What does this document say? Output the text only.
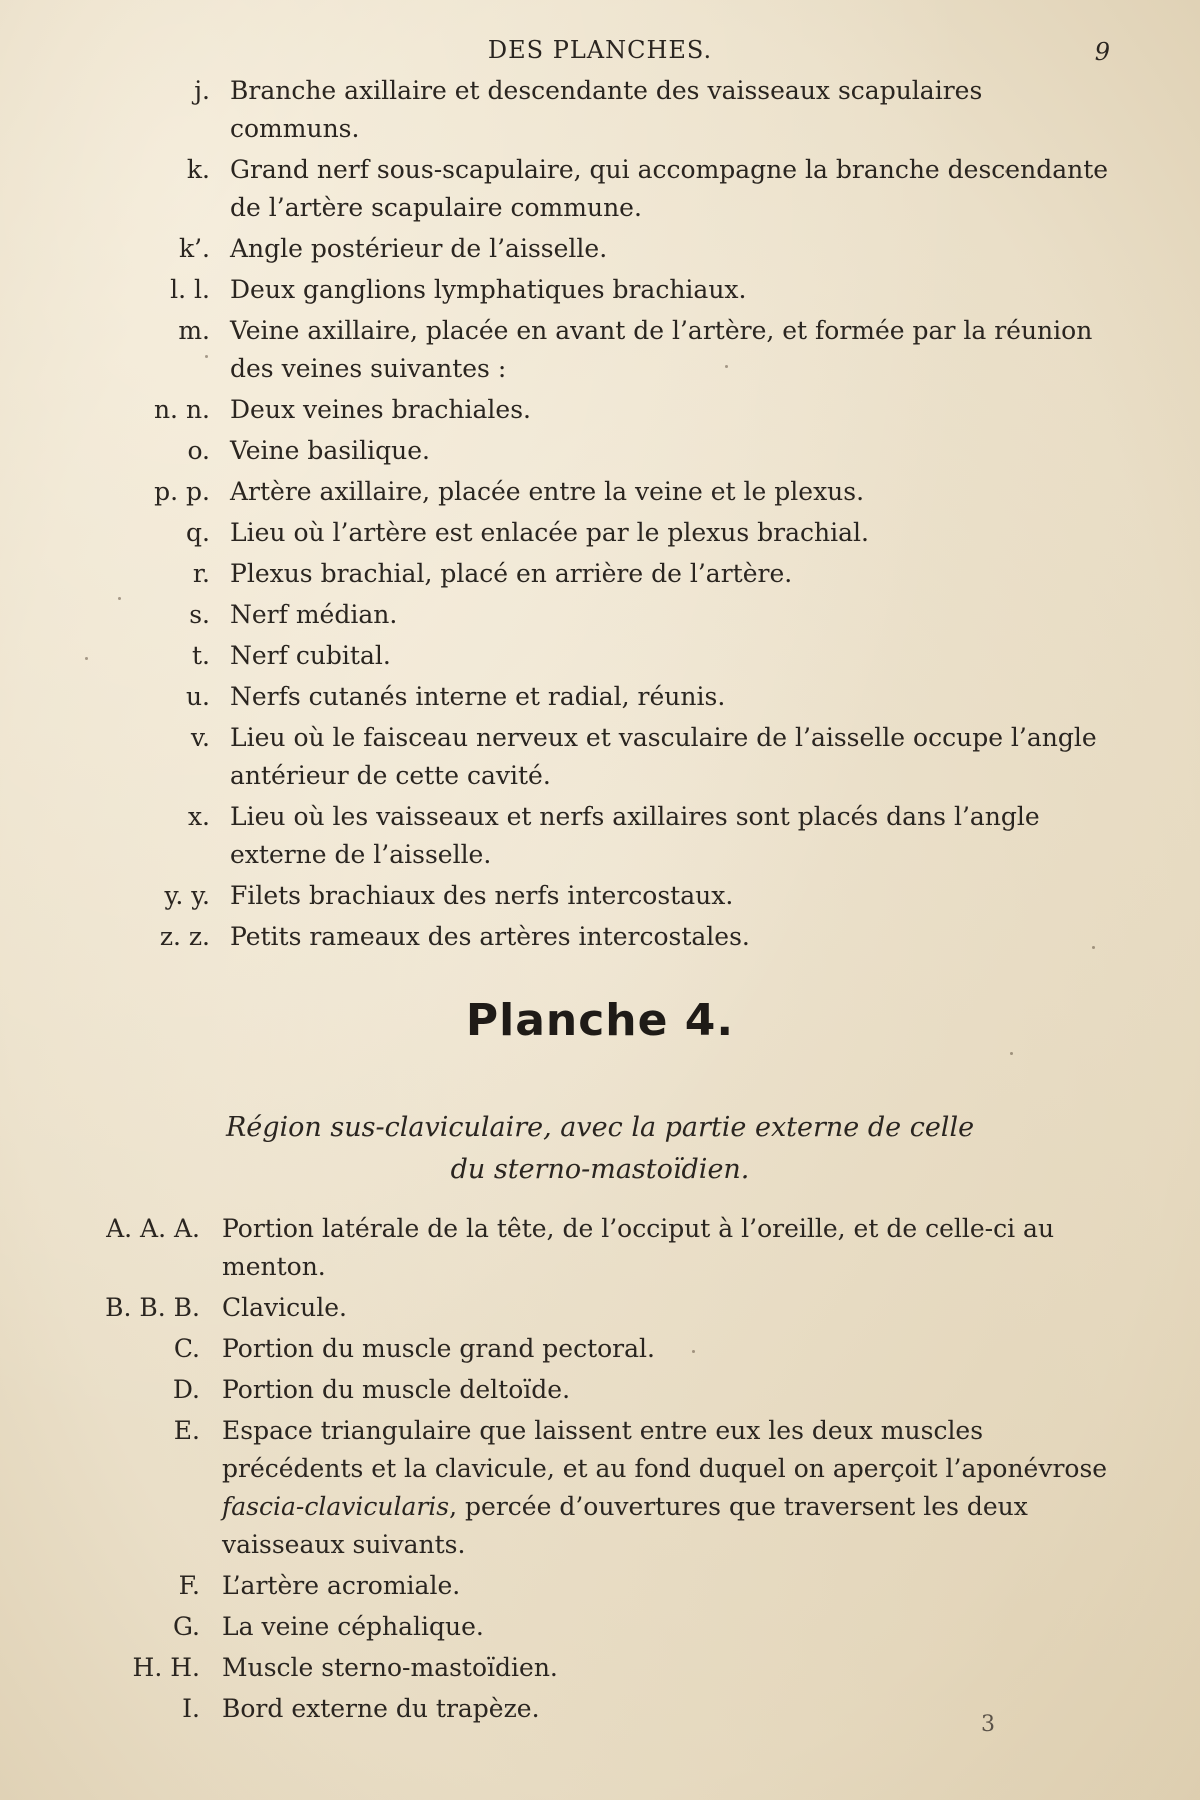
DES PLANCHES.	9
j. Branche axillaire et descendante des vaisseaux scapulaires communs.
k. Grand nerf sous-scapulaire, qui accompagne la branche descendante de l’artère scapulaire commune.
k’. Angle postérieur de l’aisselle.
l. l. Deux ganglions lymphatiques brachiaux.
m. Veine axillaire, placée en avant de l’artère, et formée par la réunion des veines suivantes :
n. n. Deux veines brachiales.
o. Veine basilique.
p. p. Artère axillaire, placée entre la veine et le plexus.
q. Lieu où l’artère est enlacée par le plexus brachial.
r. Plexus brachial, placé en arrière de l’artère.
s. Nerf médian.
t. Nerf cubital.
u. Nerfs cutanés interne et radial, réunis.
v. Lieu où le faisceau nerveux et vasculaire de l’aisselle occupe l’angle antérieur de cette cavité.
x. Lieu où les vaisseaux et nerfs axillaires sont placés dans l’angle externe de l’aisselle.
y. y. Filets brachiaux des nerfs intercostaux.
z. z. Petits rameaux des artères intercostales.
Planche 4.
Région sus-claviculaire, avec la partie externe de celle
du sterno-mastoïdien.
A. A. A. Portion latérale de la tête, de l’occiput à l’oreille, et de celle-ci au menton.
B. B. B. Clavicule.
C. Portion du muscle grand pectoral.
D. Portion du muscle deltoïde.
E. Espace triangulaire que laissent entre eux les deux muscles précédents et la clavicule, et au fond duquel on aperçoit l’aponévrose fascia-clavicularis, percée d’ouvertures que traversent les deux vaisseaux suivants.
F. L’artère acromiale.
G. La veine céphalique.
H. H. Muscle sterno-mastoïdien.
I. Bord externe du trapèze.
3
